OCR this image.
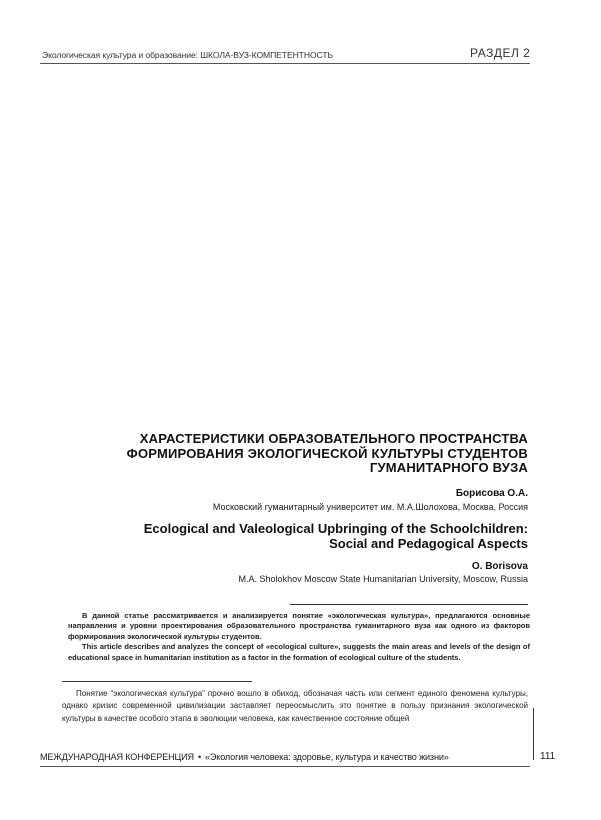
Экологическая культура и образование: ШКОЛА-ВУЗ-КОМПЕТЕНТНОСТЬ	РАЗДЕЛ 2
ХАРАСТЕРИСТИКИ ОБРАЗОВАТЕЛЬНОГО ПРОСТРАНСТВА
ФОРМИРОВАНИЯ ЭКОЛОГИЧЕСКОЙ КУЛЬТУРЫ СТУДЕНТОВ
ГУМАНИТАРНОГО ВУЗА
Борисова О.А.
Московский гуманитарный университет им. М.А.Шолохова, Москва, Россия
Ecological and Valeological Upbringing of the Schoolchildren:
Social and Pedagogical Aspects
O. Borisova
M.A. Sholokhov Moscow State Humanitarian University, Moscow, Russia

В данной статье рассматривается и анализируется понятие «экологическая культура», предлагаются основные направления и уровни проектирования образовательного пространства гуманитарного вуза как одного из факторов формирования экологической культуры студентов.

This article describes and analyzes the concept of «ecological culture», suggests the main areas and levels of the design of educational space in humanitarian institution as a factor in the formation of ecological culture of the students.

Понятие “экологическая культура” прочно вошло в обиход, обозначая часть или сегмент единого феномена культуры, однако кризис современной цивилизации заставляет переосмыслить это понятие в пользу признания экологической культуры в качестве особого этапа в эволюции человека, как качественное состояние общей

МЕЖДУНАРОДНАЯ КОНФЕРЕНЦИЯ • «Экология человека: здоровье, культура и качество жизни»	111
